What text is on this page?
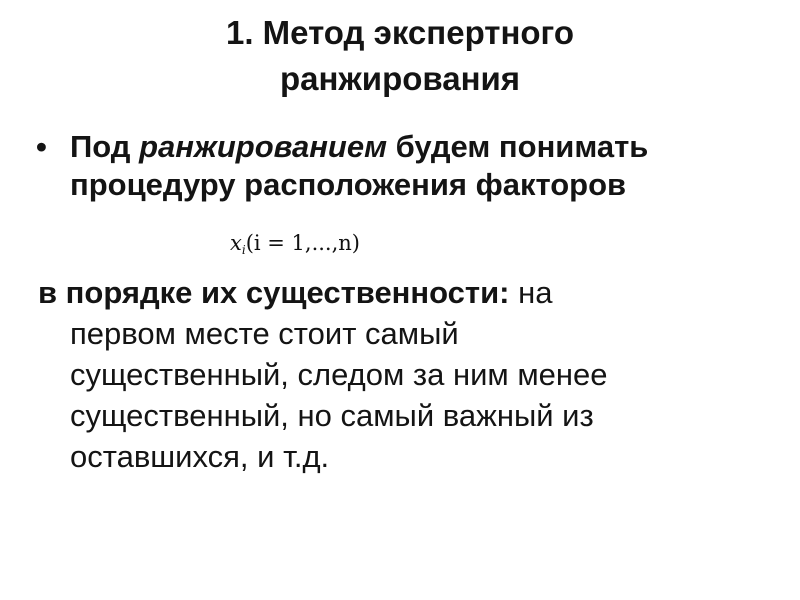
1. Метод экспертного
ранжирования
• Под ранжированием будем понимать
процедуру расположения факторов
$x_i(i = 1,...,n)$
в порядке их существенности: на
первом месте стоит самый
существенный, следом за ним менее
существенный, но самый важный из
оставшихся, и т.д.
